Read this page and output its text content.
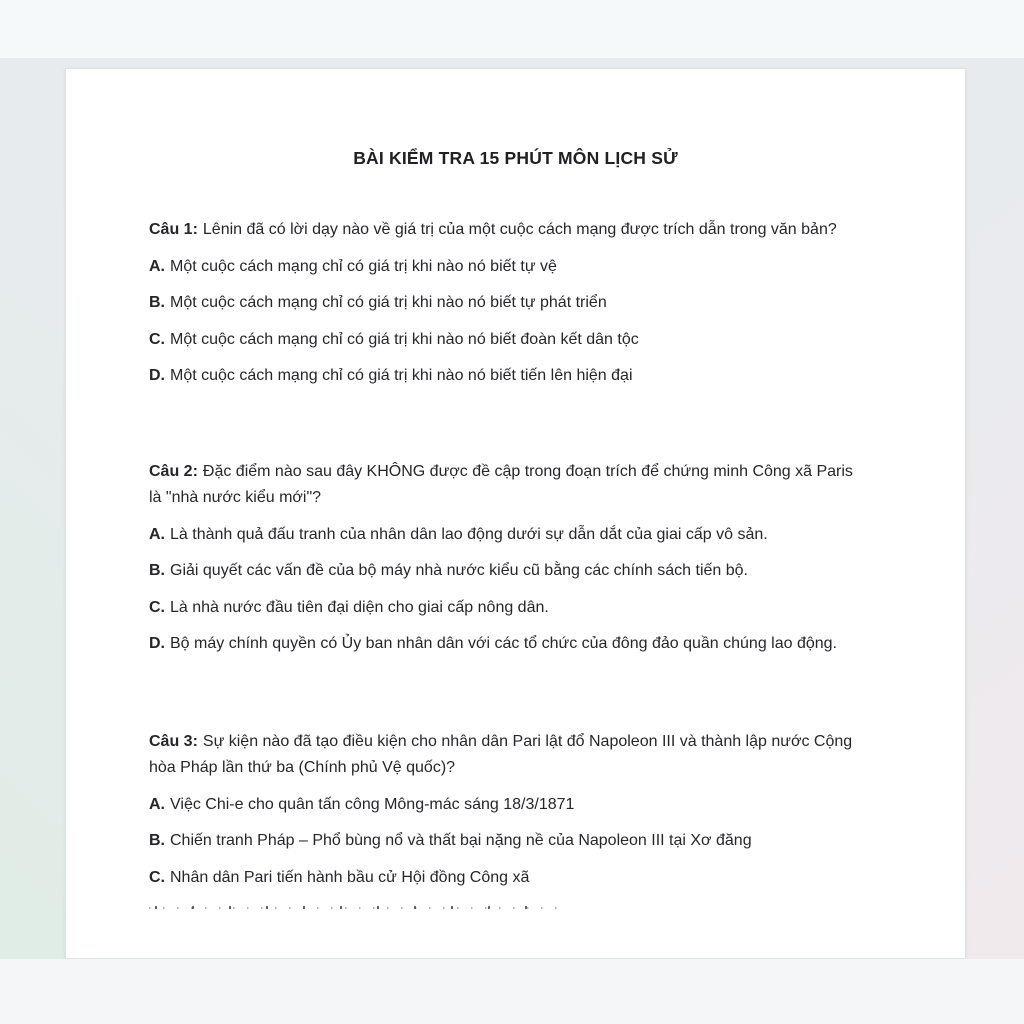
BÀI KIỂM TRA 15 PHÚT MÔN LỊCH SỬ

Câu 1: Lênin đã có lời dạy nào về giá trị của một cuộc cách mạng được trích dẫn trong văn bản?

A. Một cuộc cách mạng chỉ có giá trị khi nào nó biết tự vệ

B. Một cuộc cách mạng chỉ có giá trị khi nào nó biết tự phát triển

C. Một cuộc cách mạng chỉ có giá trị khi nào nó biết đoàn kết dân tộc

D. Một cuộc cách mạng chỉ có giá trị khi nào nó biết tiến lên hiện đại

Câu 2: Đặc điểm nào sau đây KHÔNG được đề cập trong đoạn trích để chứng minh Công xã Paris là "nhà nước kiểu mới"?

A. Là thành quả đấu tranh của nhân dân lao động dưới sự dẫn dắt của giai cấp vô sản.

B. Giải quyết các vấn đề của bộ máy nhà nước kiểu cũ bằng các chính sách tiến bộ.

C. Là nhà nước đầu tiên đại diện cho giai cấp nông dân.

D. Bộ máy chính quyền có Ủy ban nhân dân với các tổ chức của đông đảo quần chúng lao động.

Câu 3: Sự kiện nào đã tạo điều kiện cho nhân dân Pari lật đổ Napoleon III và thành lập nước Cộng hòa Pháp lần thứ ba (Chính phủ Vệ quốc)?

A. Việc Chi-e cho quân tấn công Mông-mác sáng 18/3/1871

B. Chiến tranh Pháp – Phổ bùng nổ và thất bại nặng nề của Napoleon III tại Xơ đăng

C. Nhân dân Pari tiến hành bầu cử Hội đồng Công xã
